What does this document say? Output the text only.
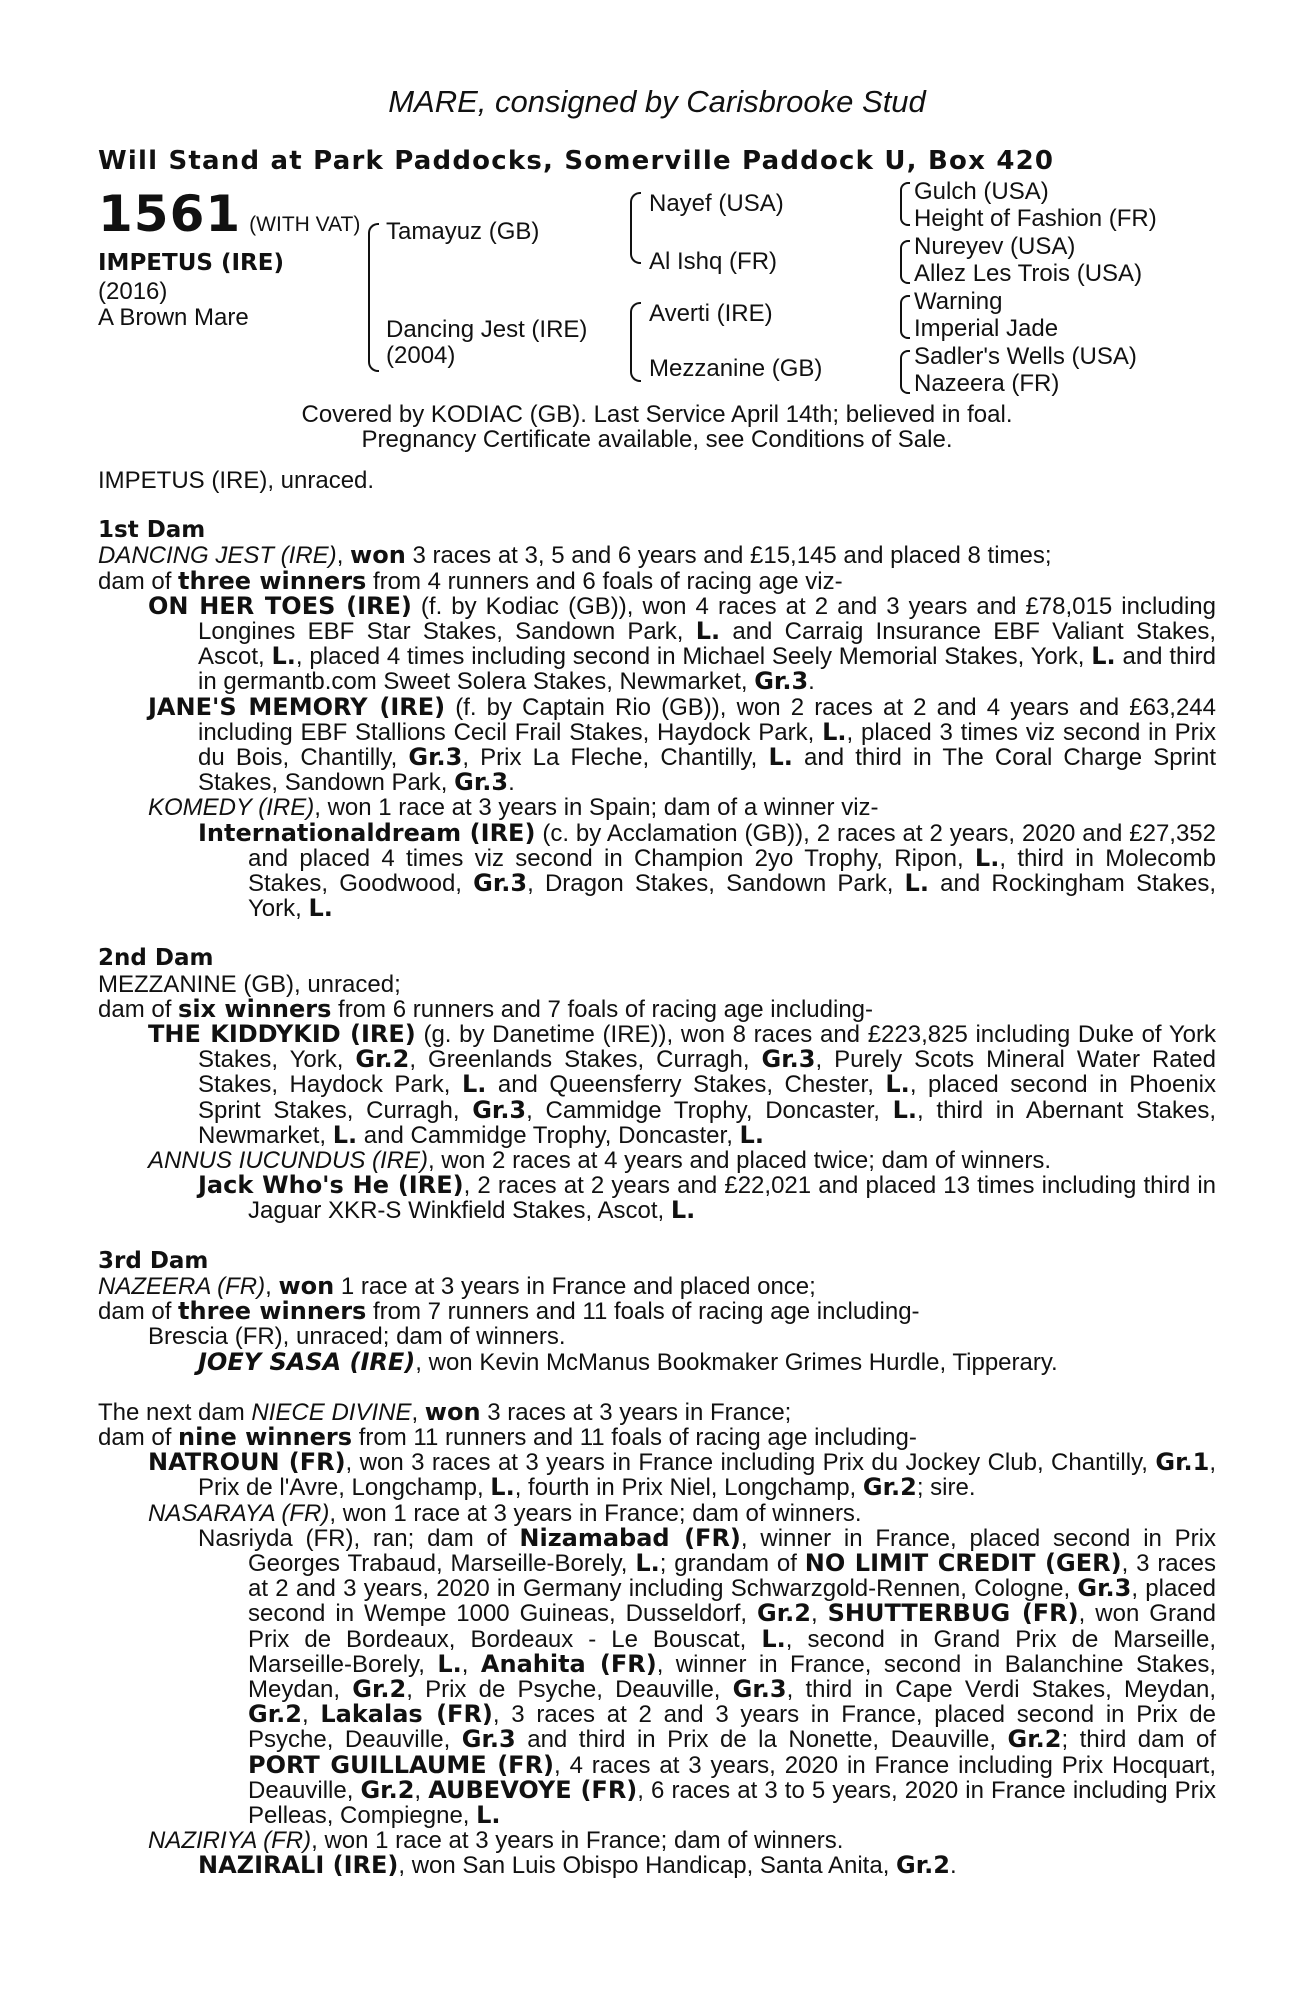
MARE, consigned by Carisbrooke Stud
Will Stand at Park Paddocks, Somerville Paddock U, Box 420
1561 (WITH VAT)
IMPETUS (IRE)
(2016)
A Brown Mare
Tamayuz (GB)
Dancing Jest (IRE)
(2004)
Nayef (USA)
Al Ishq (FR)
Averti (IRE)
Mezzanine (GB)
Gulch (USA)
Height of Fashion (FR)
Nureyev (USA)
Allez Les Trois (USA)
Warning
Imperial Jade
Sadler's Wells (USA)
Nazeera (FR)
Covered by KODIAC (GB). Last Service April 14th; believed in foal.
Pregnancy Certificate available, see Conditions of Sale.

IMPETUS (IRE), unraced.

1st Dam

DANCING JEST (IRE), won 3 races at 3, 5 and 6 years and £15,145 and placed 8 times;

dam of three winners from 4 runners and 6 foals of racing age viz-

ON HER TOES (IRE) (f. by Kodiac (GB)), won 4 races at 2 and 3 years and £78,015 including Longines EBF Star Stakes, Sandown Park, L. and Carraig Insurance EBF Valiant Stakes, Ascot, L., placed 4 times including second in Michael Seely Memorial Stakes, York, L. and third in germantb.com Sweet Solera Stakes, Newmarket, Gr.3.

JANE'S MEMORY (IRE) (f. by Captain Rio (GB)), won 2 races at 2 and 4 years and £63,244 including EBF Stallions Cecil Frail Stakes, Haydock Park, L., placed 3 times viz second in Prix du Bois, Chantilly, Gr.3, Prix La Fleche, Chantilly, L. and third in The Coral Charge Sprint Stakes, Sandown Park, Gr.3.

KOMEDY (IRE), won 1 race at 3 years in Spain; dam of a winner viz-

Internationaldream (IRE) (c. by Acclamation (GB)), 2 races at 2 years, 2020 and £27,352 and placed 4 times viz second in Champion 2yo Trophy, Ripon, L., third in Molecomb Stakes, Goodwood, Gr.3, Dragon Stakes, Sandown Park, L. and Rockingham Stakes, York, L.

2nd Dam

MEZZANINE (GB), unraced;

dam of six winners from 6 runners and 7 foals of racing age including-

THE KIDDYKID (IRE) (g. by Danetime (IRE)), won 8 races and £223,825 including Duke of York Stakes, York, Gr.2, Greenlands Stakes, Curragh, Gr.3, Purely Scots Mineral Water Rated Stakes, Haydock Park, L. and Queensferry Stakes, Chester, L., placed second in Phoenix Sprint Stakes, Curragh, Gr.3, Cammidge Trophy, Doncaster, L., third in Abernant Stakes, Newmarket, L. and Cammidge Trophy, Doncaster, L.

ANNUS IUCUNDUS (IRE), won 2 races at 4 years and placed twice; dam of winners.

Jack Who's He (IRE), 2 races at 2 years and £22,021 and placed 13 times including third in Jaguar XKR-S Winkfield Stakes, Ascot, L.

3rd Dam

NAZEERA (FR), won 1 race at 3 years in France and placed once;

dam of three winners from 7 runners and 11 foals of racing age including-

Brescia (FR), unraced; dam of winners.

JOEY SASA (IRE), won Kevin McManus Bookmaker Grimes Hurdle, Tipperary.

The next dam NIECE DIVINE, won 3 races at 3 years in France;

dam of nine winners from 11 runners and 11 foals of racing age including-

NATROUN (FR), won 3 races at 3 years in France including Prix du Jockey Club, Chantilly, Gr.1, Prix de l'Avre, Longchamp, L., fourth in Prix Niel, Longchamp, Gr.2; sire.

NASARAYA (FR), won 1 race at 3 years in France; dam of winners.

Nasriyda (FR), ran; dam of Nizamabad (FR), winner in France, placed second in Prix Georges Trabaud, Marseille-Borely, L.; grandam of NO LIMIT CREDIT (GER), 3 races at 2 and 3 years, 2020 in Germany including Schwarzgold-Rennen, Cologne, Gr.3, placed second in Wempe 1000 Guineas, Dusseldorf, Gr.2, SHUTTERBUG (FR), won Grand Prix de Bordeaux, Bordeaux - Le Bouscat, L., second in Grand Prix de Marseille, Marseille-Borely, L., Anahita (FR), winner in France, second in Balanchine Stakes, Meydan, Gr.2, Prix de Psyche, Deauville, Gr.3, third in Cape Verdi Stakes, Meydan, Gr.2, Lakalas (FR), 3 races at 2 and 3 years in France, placed second in Prix de Psyche, Deauville, Gr.3 and third in Prix de la Nonette, Deauville, Gr.2; third dam of PORT GUILLAUME (FR), 4 races at 3 years, 2020 in France including Prix Hocquart, Deauville, Gr.2, AUBEVOYE (FR), 6 races at 3 to 5 years, 2020 in France including Prix Pelleas, Compiegne, L.

NAZIRIYA (FR), won 1 race at 3 years in France; dam of winners.

NAZIRALI (IRE), won San Luis Obispo Handicap, Santa Anita, Gr.2.
